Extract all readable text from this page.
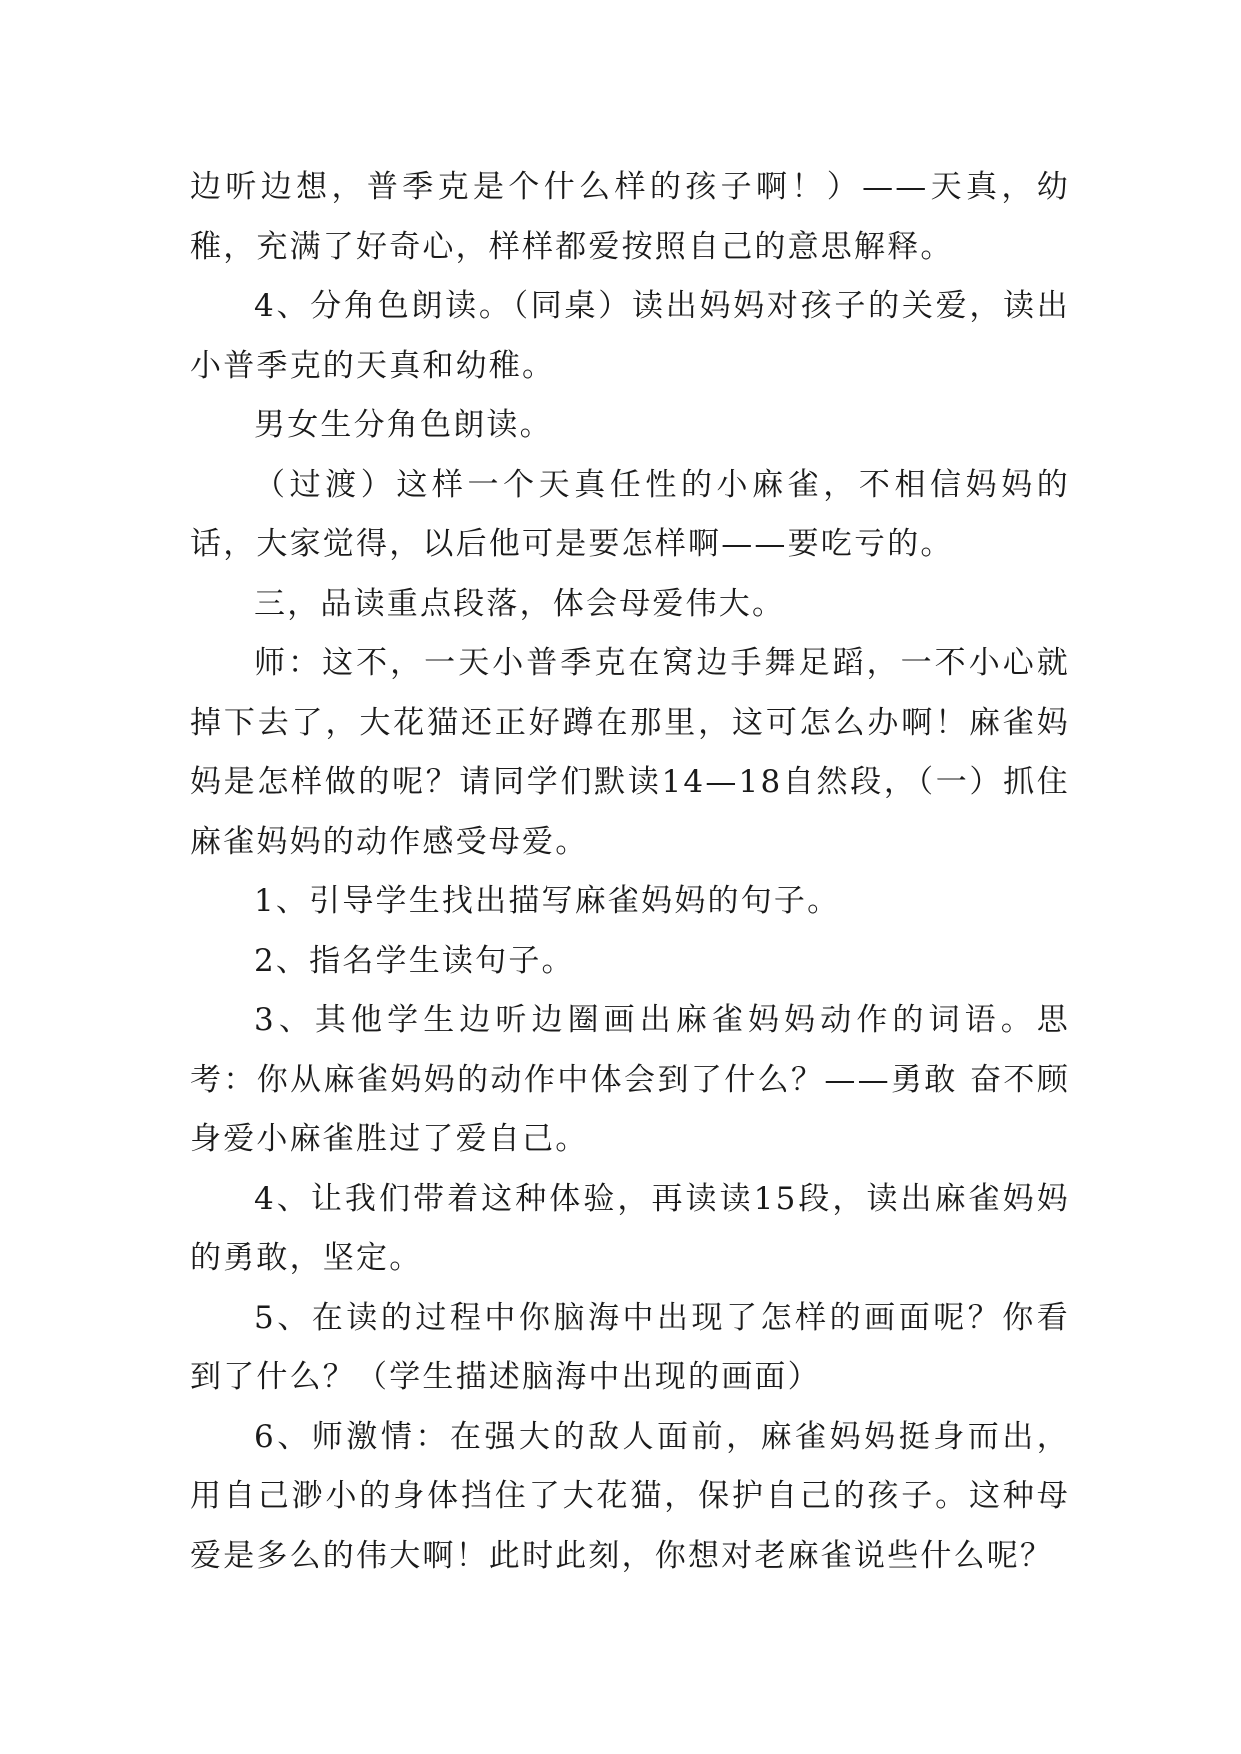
边听边想，普季克是个什么样的孩子啊！）——天真，幼稚，充满了好奇心，样样都爱按照自己的意思解释。

4、分角色朗读。（同桌）读出妈妈对孩子的关爱，读出小普季克的天真和幼稚。

男女生分角色朗读。

（过渡）这样一个天真任性的小麻雀，不相信妈妈的话，大家觉得，以后他可是要怎样啊——要吃亏的。

三，品读重点段落，体会母爱伟大。

师：这不，一天小普季克在窝边手舞足蹈，一不小心就掉下去了，大花猫还正好蹲在那里，这可怎么办啊！麻雀妈妈是怎样做的呢？请同学们默读14—18自然段，（一）抓住麻雀妈妈的动作感受母爱。

1、引导学生找出描写麻雀妈妈的句子。

2、指名学生读句子。

3、其他学生边听边圈画出麻雀妈妈动作的词语。思考：你从麻雀妈妈的动作中体会到了什么？——勇敢 奋不顾身爱小麻雀胜过了爱自己。

4、让我们带着这种体验，再读读15段，读出麻雀妈妈的勇敢，坚定。

5、在读的过程中你脑海中出现了怎样的画面呢？你看到了什么？（学生描述脑海中出现的画面）

6、师激情：在强大的敌人面前，麻雀妈妈挺身而出，用自己渺小的身体挡住了大花猫，保护自己的孩子。这种母爱是多么的伟大啊！此时此刻，你想对老麻雀说些什么呢？
